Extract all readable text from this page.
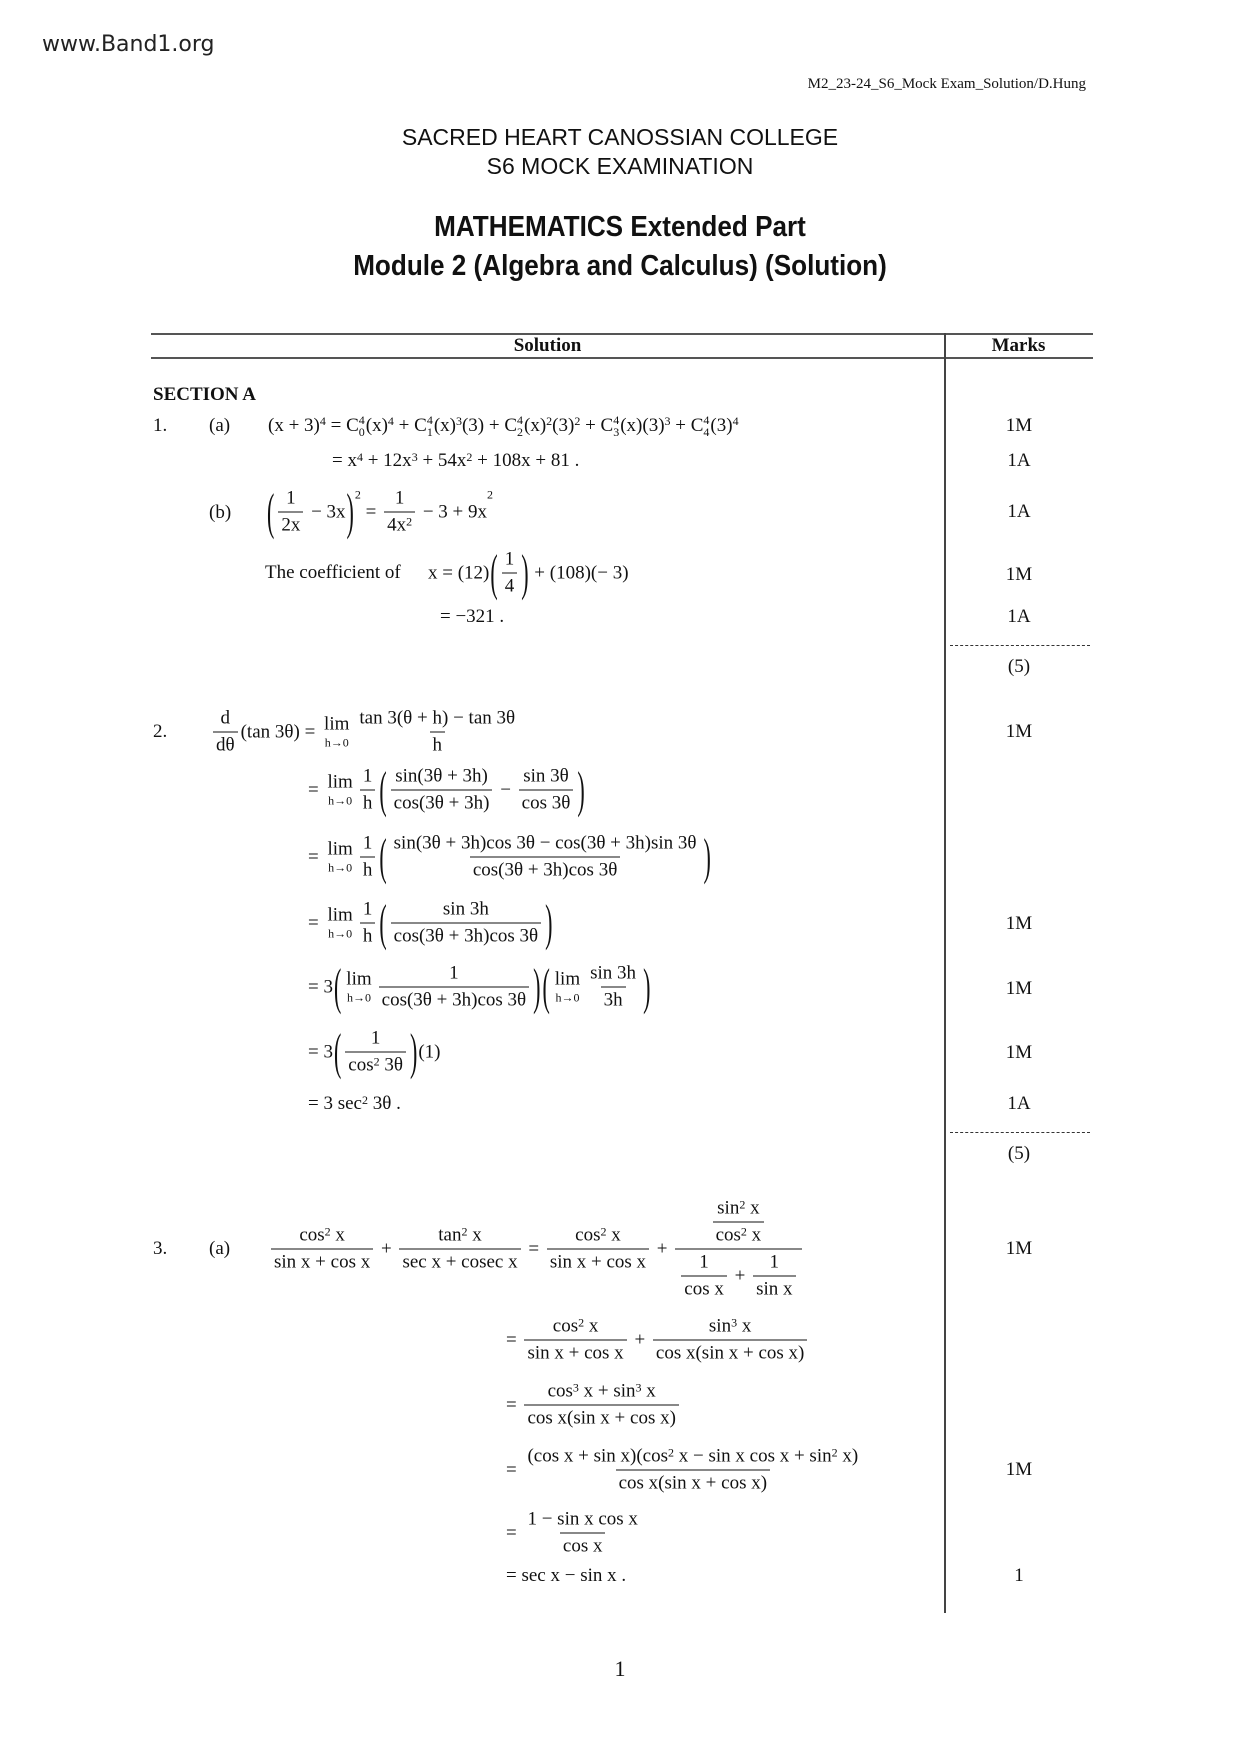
www.Band1.org
M2_23-24_S6_Mock Exam_Solution/D.Hung
SACRED HEART CANOSSIAN COLLEGE
S6 MOCK EXAMINATION
MATHEMATICS Extended Part
Module 2 (Algebra and Calculus) (Solution)
Solution	Marks
SECTION A
1. (a) $(x + 3)^4 = C$ 4
0 $(x)^4 + C$ 4
1 $(x)^3$ (3) + C 4
2 $(x)^2$ $(3)^2 + C$ 4
3 $(x)(3)^3 + C$ 4
4 $(3)^4$
= x 4 + 12x 3 + 54x 2 + 108x + 81 .
(b) ( $\frac{1}{2x} - 3x$ )$^2$
= $\frac{1}{4x 2} - 3 + 9x$
$^2$
The coefficient of x = (12) ( $\frac{1}{4}$ ) + (108)(− 3)
= −321 .
1M
1A
1A
1M
1A
(5)
2. $\frac{d}{d\theta} (\tan$ 3θ) = lim
$h\to 0 \frac{\tan 3(\theta + h) - \tan 3\theta}{h}$
= lim
$h\to 0 \frac{1}{h}$ ( $\frac{\sin(3\theta + 3h)}{\cos(3\theta + 3h)} - \frac{\sin 3\theta}{\cos 3\theta}$ )
= lim
$h\to 0 \frac{1}{h}$ ( $\frac{\sin(3\theta + 3h)\cos 3\theta - \cos(3\theta + 3h)\sin 3\theta}{\cos(3\theta + 3h)\cos 3\theta}$ )
= lim
$h\to 0 \frac{1}{h}$ ( $\frac{\sin 3h}{\cos(3\theta + 3h)\cos 3\theta}$ )
= 3 ( lim
$h\to 0 \frac{1}{\cos(3\theta + 3h)\cos 3\theta}$ ) ( lim
$h\to 0 \frac{\sin 3h}{3h}$ )
= 3 ( $\frac{1}{\cos 2 3\theta}$ ) (1)
= 3 sec 2 3θ .
1M
1M
1M
1M
1A
(5)
3. $(a) \frac{\cos 2 x}{\text{sin x + cos x}} + \frac{\tan 2 x}{\text{sec x + cosec x}} = \frac{\cos 2 x}{\text{sin x + cos x}} + \frac{\frac{\sin 2 x}{\cos 2 x}}{\frac{1}{\text{cos x}} + \frac{1}{\text{sin x}}}$
= $\frac{\cos 2 x}{\text{sin x + cos x}} + \frac{\sin 3 x}{\text{cos x(sin x + cos x)}}$
= $\frac{\cos 3 x + \sin 3 x}{\text{cos x(sin x + cos x)}}$
= $\frac{\text{(cos x + sin x)(cos 2 x − sin x cos x + sin 2 x)}}{\text{cos x(sin x + cos x)}}$
= $\frac{\text{1 − sin x cos x}}{\text{cos x}}$
= sec x − sin x .
1M
1M
1
1
